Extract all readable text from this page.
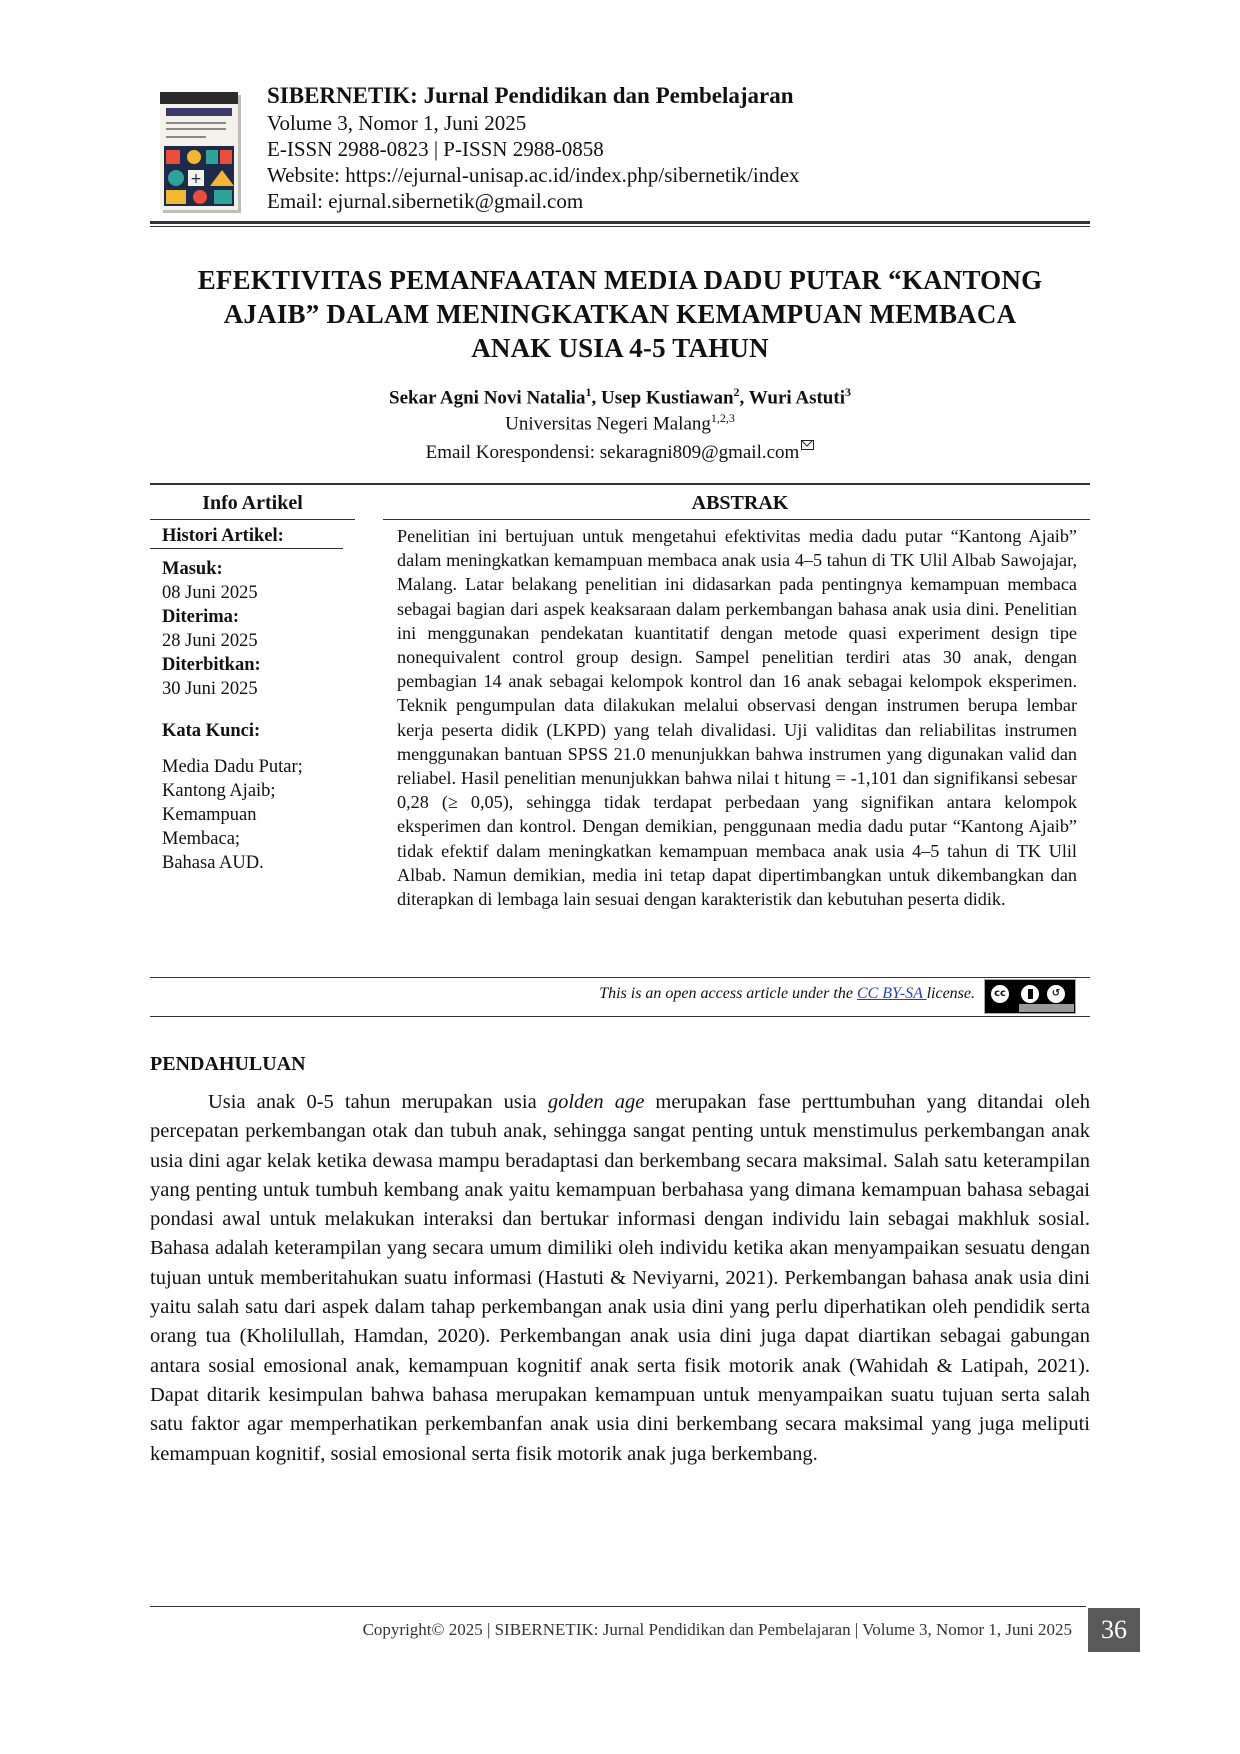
+
SIBERNETIK: Jurnal Pendidikan dan Pembelajaran
Volume 3, Nomor 1, Juni 2025
E-ISSN 2988-0823 | P-ISSN 2988-0858
Website: https://ejurnal-unisap.ac.id/index.php/sibernetik/index
Email: ejurnal.sibernetik@gmail.com
EFEKTIVITAS PEMANFAATAN MEDIA DADU PUTAR “KANTONG
AJAIB” DALAM MENINGKATKAN KEMAMPUAN MEMBACA
ANAK USIA 4-5 TAHUN
Sekar Agni Novi Natalia$^1$, Usep Kustiawan$^2$, Wuri Astuti$^3$
Universitas Negeri Malang$^{1,2,3}$
Email Korespondensi: sekaragni809@gmail.com
Info Artikel	ABSTRAK
Histori Artikel:
Masuk:
08 Juni 2025
Diterima:
28 Juni 2025
Diterbitkan:
30 Juni 2025
Kata Kunci:
Media Dadu Putar;
Kantong Ajaib;
Kemampuan
Membaca;
Bahasa AUD.
Penelitian ini bertujuan untuk mengetahui efektivitas media dadu putar “Kantong Ajaib” dalam meningkatkan kemampuan membaca anak usia 4–5 tahun di TK Ulil Albab Sawojajar, Malang. Latar belakang penelitian ini didasarkan pada pentingnya kemampuan membaca sebagai bagian dari aspek keaksaraan dalam perkembangan bahasa anak usia dini. Penelitian ini menggunakan pendekatan kuantitatif dengan metode quasi experiment design tipe nonequivalent control group design. Sampel penelitian terdiri atas 30 anak, dengan pembagian 14 anak sebagai kelompok kontrol dan 16 anak sebagai kelompok eksperimen. Teknik pengumpulan data dilakukan melalui observasi dengan instrumen berupa lembar kerja peserta didik (LKPD) yang telah divalidasi. Uji validitas dan reliabilitas instrumen menggunakan bantuan SPSS 21.0 menunjukkan bahwa instrumen yang digunakan valid dan reliabel. Hasil penelitian menunjukkan bahwa nilai t hitung = -1,101 dan signifikansi sebesar 0,28 (≥ 0,05), sehingga tidak terdapat perbedaan yang signifikan antara kelompok eksperimen dan kontrol. Dengan demikian, penggunaan media dadu putar “Kantong Ajaib” tidak efektif dalam meningkatkan kemampuan membaca anak usia 4–5 tahun di TK Ulil Albab. Namun demikian, media ini tetap dapat dipertimbangkan untuk dikembangkan dan diterapkan di lembaga lain sesuai dengan karakteristik dan kebutuhan peserta didik.
This is an open access article under the CC BY-SA license.	cc	↺
PENDAHULUAN
Usia anak 0-5 tahun merupakan usia golden age merupakan fase perttumbuhan yang ditandai oleh percepatan perkembangan otak dan tubuh anak, sehingga sangat penting untuk menstimulus perkembangan anak usia dini agar kelak ketika dewasa mampu beradaptasi dan berkembang secara maksimal. Salah satu keterampilan yang penting untuk tumbuh kembang anak yaitu kemampuan berbahasa yang dimana kemampuan bahasa sebagai pondasi awal untuk melakukan interaksi dan bertukar informasi dengan individu lain sebagai makhluk sosial. Bahasa adalah keterampilan yang secara umum dimiliki oleh individu ketika akan menyampaikan sesuatu dengan tujuan untuk memberitahukan suatu informasi (Hastuti & Neviyarni, 2021). Perkembangan bahasa anak usia dini yaitu salah satu dari aspek dalam tahap perkembangan anak usia dini yang perlu diperhatikan oleh pendidik serta orang tua (Kholilullah, Hamdan, 2020). Perkembangan anak usia dini juga dapat diartikan sebagai gabungan antara sosial emosional anak, kemampuan kognitif anak serta fisik motorik anak (Wahidah & Latipah, 2021). Dapat ditarik kesimpulan bahwa bahasa merupakan kemampuan untuk menyampaikan suatu tujuan serta salah satu faktor agar memperhatikan perkembanfan anak usia dini berkembang secara maksimal yang juga meliputi kemampuan kognitif, sosial emosional serta fisik motorik anak juga berkembang.
Copyright© 2025 | SIBERNETIK: Jurnal Pendidikan dan Pembelajaran | Volume 3, Nomor 1, Juni 2025	36
